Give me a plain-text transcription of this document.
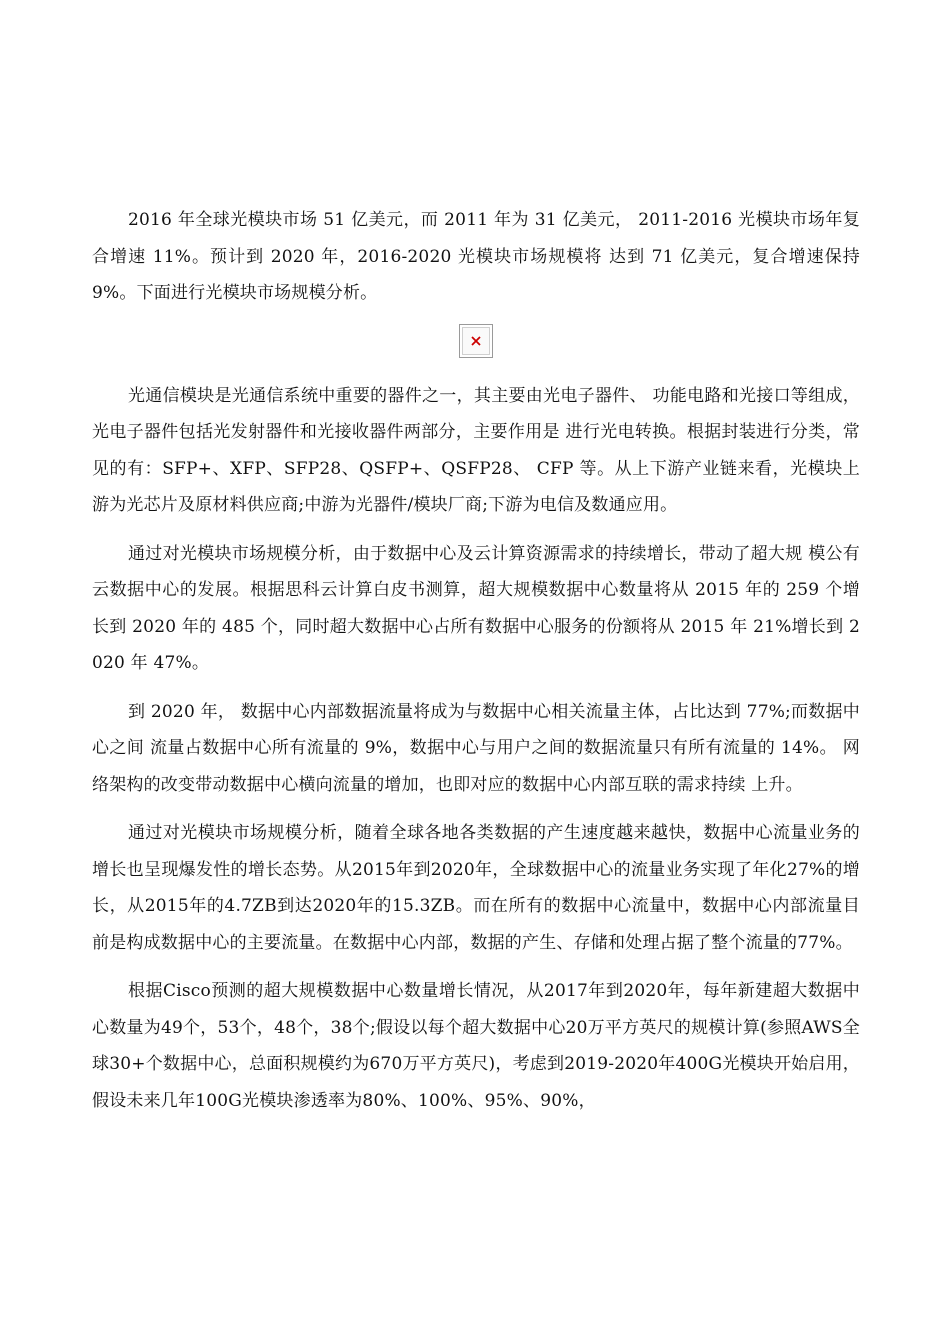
2016 年全球光模块市场 51 亿美元，而 2011 年为 31 亿美元， 2011-2016 光模块市场年复合增速 11%。预计到 2020 年，2016-2020 光模块市场规模将 达到 71 亿美元，复合增速保持 9%。下面进行光模块市场规模分析。

光通信模块是光通信系统中重要的器件之一，其主要由光电子器件、 功能电路和光接口等组成，光电子器件包括光发射器件和光接收器件两部分，主要作用是 进行光电转换。根据封装进行分类，常见的有：SFP+、XFP、SFP28、QSFP+、QSFP28、 CFP 等。从上下游产业链来看，光模块上游为光芯片及原材料供应商;中游为光器件/模块厂商;下游为电信及数通应用。

通过对光模块市场规模分析，由于数据中心及云计算资源需求的持续增长，带动了超大规 模公有云数据中心的发展。根据思科云计算白皮书测算，超大规模数据中心数量将从 2015 年的 259 个增长到 2020 年的 485 个，同时超大数据中心占所有数据中心服务的份额将从 2015 年 21%增长到 2020 年 47%。

到 2020 年， 数据中心内部数据流量将成为与数据中心相关流量主体，占比达到 77%;而数据中心之间 流量占数据中心所有流量的 9%，数据中心与用户之间的数据流量只有所有流量的 14%。 网络架构的改变带动数据中心横向流量的增加，也即对应的数据中心内部互联的需求持续 上升。

通过对光模块市场规模分析，随着全球各地各类数据的产生速度越来越快，数据中心流量业务的增长也呈现爆发性的增长态势。从2015年到2020年，全球数据中心的流量业务实现了年化27%的增长，从2015年的4.7ZB到达2020年的15.3ZB。而在所有的数据中心流量中，数据中心内部流量目前是构成数据中心的主要流量。在数据中心内部，数据的产生、存储和处理占据了整个流量的77%。

根据Cisco预测的超大规模数据中心数量增长情况，从2017年到2020年，每年新建超大数据中心数量为49个，53个，48个，38个;假设以每个超大数据中心20万平方英尺的规模计算(参照AWS全球30+个数据中心，总面积规模约为670万平方英尺)，考虑到2019-2020年400G光模块开始启用，假设未来几年100G光模块渗透率为80%、100%、95%、90%，
